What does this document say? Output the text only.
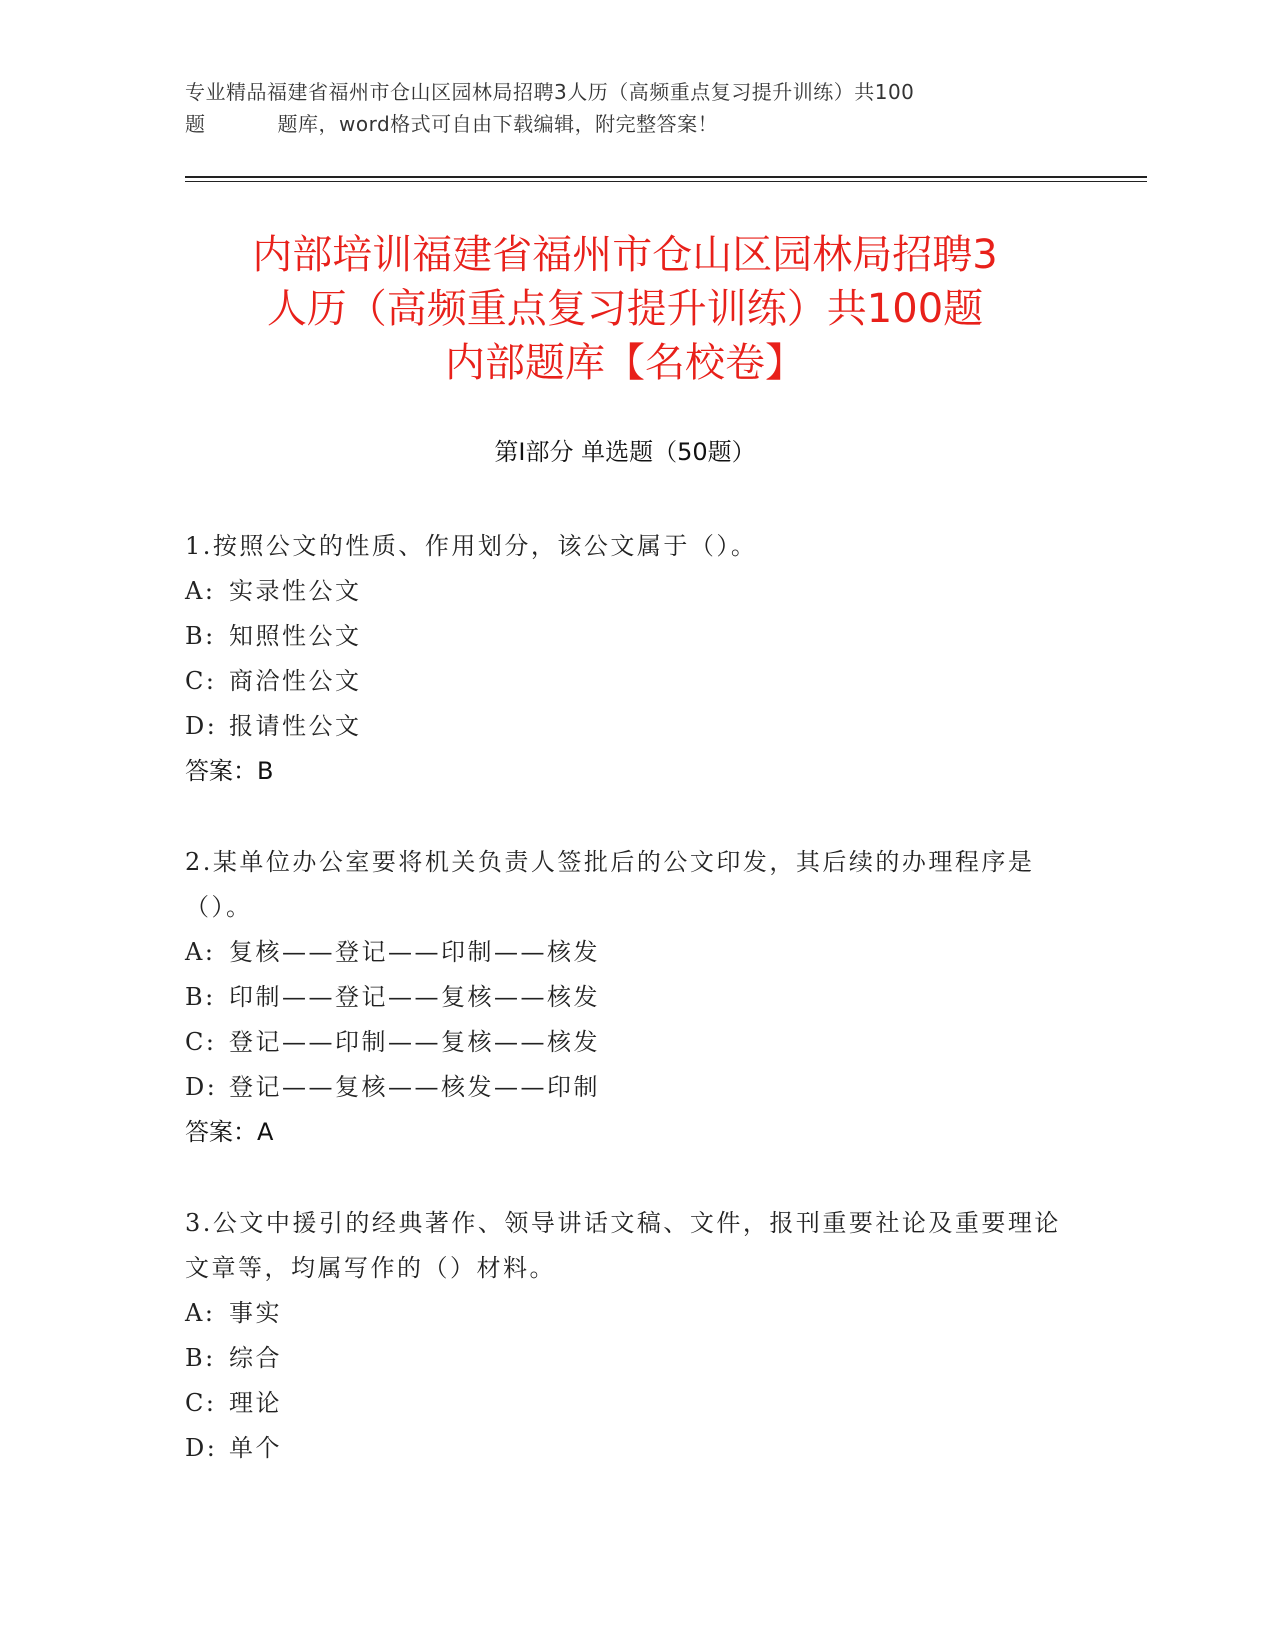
专业精品福建省福州市仓山区园林局招聘3人历（高频重点复习提升训练）共100

题	题库，word格式可自由下载编辑，附完整答案！
内部培训福建省福州市仓山区园林局招聘3
人历（高频重点复习提升训练）共100题
内部题库【名校卷】
第Ⅰ部分 单选题（50题）

1.按照公文的性质、作用划分，该公文属于（）。

A: 实录性公文

B: 知照性公文

C: 商洽性公文

D: 报请性公文

答案：B

2.某单位办公室要将机关负责人签批后的公文印发，其后续的办理程序是（）。

A: 复核——登记——印制——核发

B: 印制——登记——复核——核发

C: 登记——印制——复核——核发

D: 登记——复核——核发——印制

答案：A

3.公文中援引的经典著作、领导讲话文稿、文件，报刊重要社论及重要理论文章等，均属写作的（）材料。

A: 事实

B: 综合

C: 理论

D: 单个
